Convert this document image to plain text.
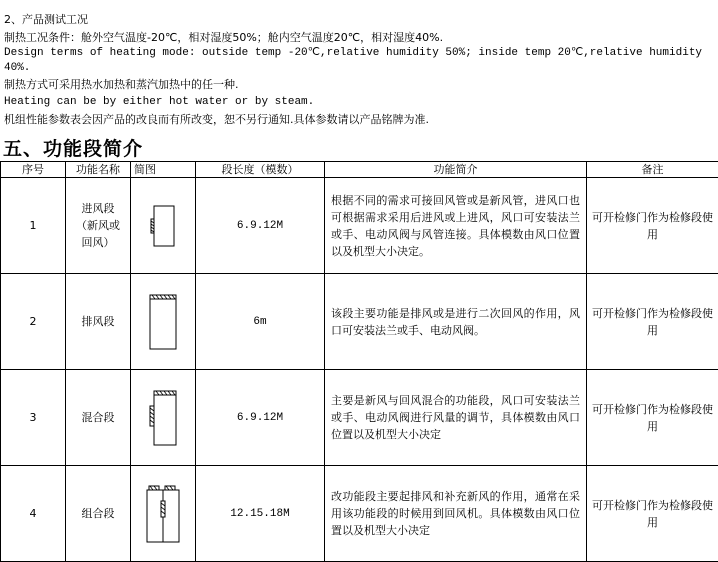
2、产品测试工况
制热工况条件：舱外空气温度-20℃，相对湿度50%；舱内空气温度20℃，相对湿度40%.
Design terms of heating mode: outside temp -20℃,relative humidity 50%; inside temp 20℃,relative humidity 40%.
制热方式可采用热水加热和蒸汽加热中的任一种.
Heating can be by either hot water or by steam.
机组性能参数表会因产品的改良而有所改变，恕不另行通知.具体参数请以产品铭牌为准.
五、功能段简介
序号	功能名称	简图	段长度（模数）	功能简介	备注
1	进风段（新风或回风）		6.9.12M	根据不同的需求可接回风管或是新风管，进风口也可根据需求采用后进风或上进风，风口可安装法兰或手、电动风阀与风管连接。具体模数由风口位置以及机型大小决定。	可开检修门作为检修段使用
2	排风段		6m	该段主要功能是排风或是进行二次回风的作用，风口可安装法兰或手、电动风阀。	可开检修门作为检修段使用
3	混合段		6.9.12M	主要是新风与回风混合的功能段，风口可安装法兰或手、电动风阀进行风量的调节，具体模数由风口位置以及机型大小决定	可开检修门作为检修段使用
4	组合段		12.15.18M	改功能段主要起排风和补充新风的作用，通常在采用该功能段的时候用到回风机。具体模数由风口位置以及机型大小决定	可开检修门作为检修段使用
